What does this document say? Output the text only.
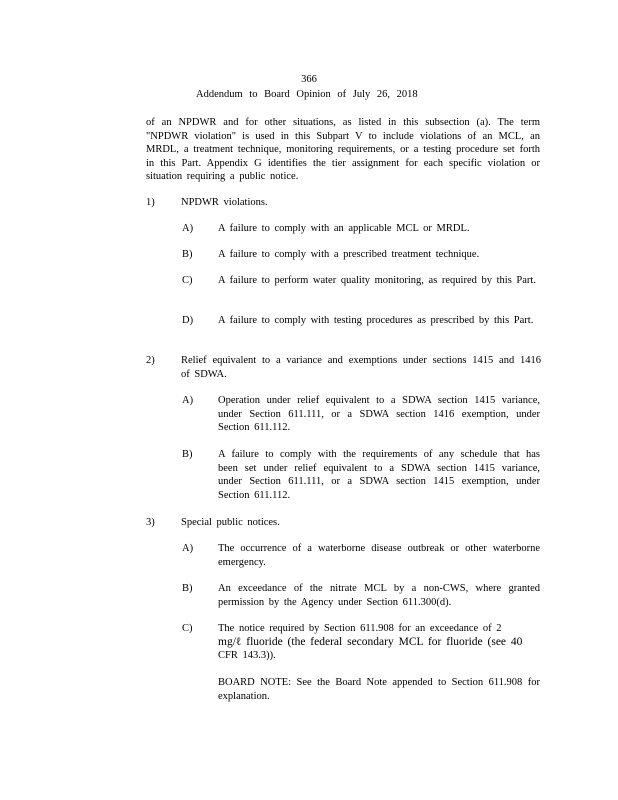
366
Addendum to Board Opinion of July 26, 2018
of an NPDWR and for other situations, as listed in this subsection (a). The term "NPDWR violation" is used in this Subpart V to include violations of an MCL, an MRDL, a treatment technique, monitoring requirements, or a testing procedure set forth in this Part. Appendix G identifies the tier assignment for each specific violation or situation requiring a public notice.
1)	NPDWR violations.
A) A failure to comply with an applicable MCL or MRDL.
B) A failure to comply with a prescribed treatment technique.
C) A failure to perform water quality monitoring, as required by this Part.
D) A failure to comply with testing procedures as prescribed by this Part.
2)	Relief equivalent to a variance and exemptions under sections 1415 and 1416 of SDWA.
A) Operation under relief equivalent to a SDWA section 1415 variance, under Section 611.111, or a SDWA section 1416 exemption, under Section 611.112.
B) A failure to comply with the requirements of any schedule that has been set under relief equivalent to a SDWA section 1415 variance, under Section 611.111, or a SDWA section 1415 exemption, under Section 611.112.
3)	Special public notices.
A) The occurrence of a waterborne disease outbreak or other waterborne emergency.
B) An exceedance of the nitrate MCL by a non-CWS, where granted permission by the Agency under Section 611.300(d).
C) The notice required by Section 611.908 for an exceedance of 2
mg/ℓ fluoride (the federal secondary MCL for fluoride (see 40
CFR 143.3)).
BOARD NOTE: See the Board Note appended to Section 611.908 for explanation.
